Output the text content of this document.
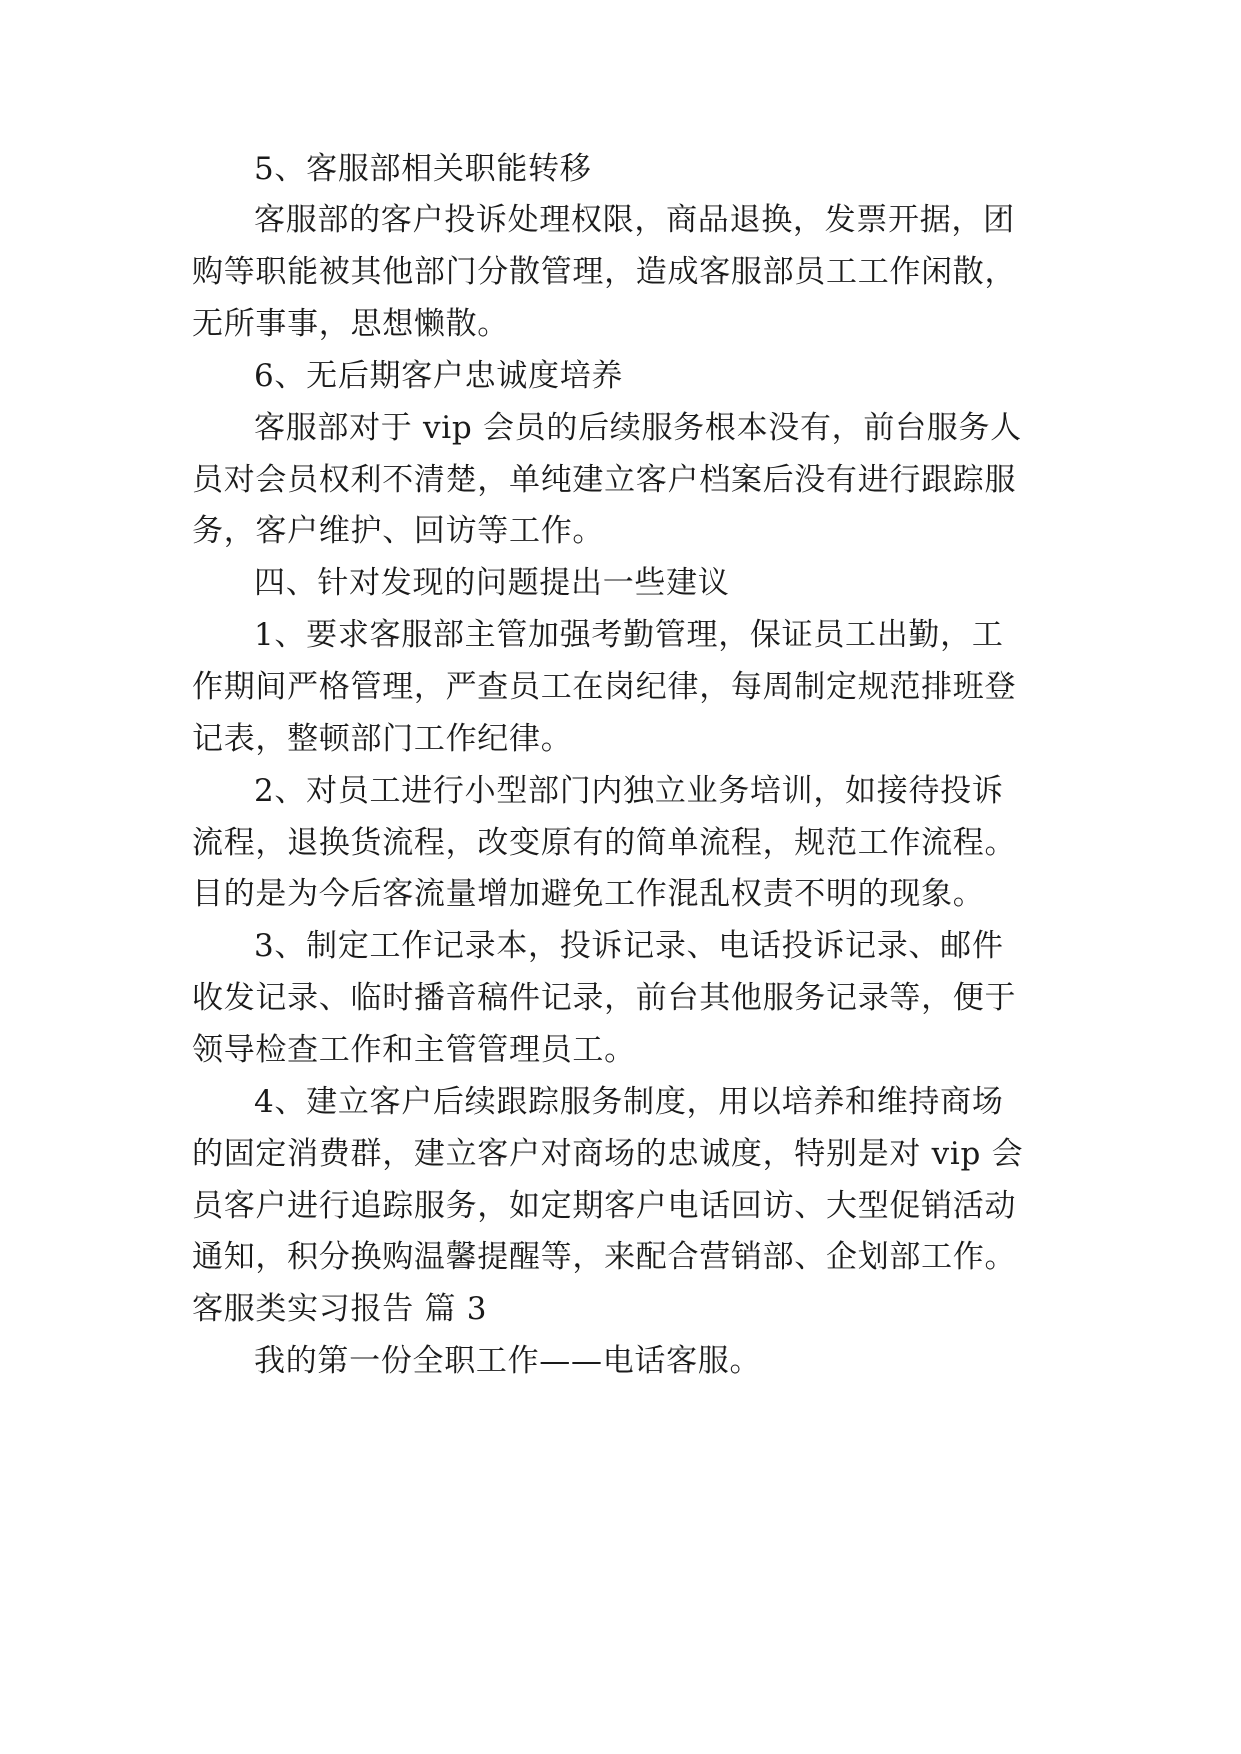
5、客服部相关职能转移
客服部的客户投诉处理权限，商品退换，发票开据，团
购等职能被其他部门分散管理，造成客服部员工工作闲散，
无所事事，思想懒散。
6、无后期客户忠诚度培养
客服部对于 vip 会员的后续服务根本没有，前台服务人
员对会员权利不清楚，单纯建立客户档案后没有进行跟踪服
务，客户维护、回访等工作。
四、针对发现的问题提出一些建议
1、要求客服部主管加强考勤管理，保证员工出勤，工
作期间严格管理，严查员工在岗纪律，每周制定规范排班登
记表，整顿部门工作纪律。
2、对员工进行小型部门内独立业务培训，如接待投诉
流程，退换货流程，改变原有的简单流程，规范工作流程。
目的是为今后客流量增加避免工作混乱权责不明的现象。
3、制定工作记录本，投诉记录、电话投诉记录、邮件
收发记录、临时播音稿件记录，前台其他服务记录等，便于
领导检查工作和主管管理员工。
4、建立客户后续跟踪服务制度，用以培养和维持商场
的固定消费群，建立客户对商场的忠诚度，特别是对 vip 会
员客户进行追踪服务，如定期客户电话回访、大型促销活动
通知，积分换购温馨提醒等，来配合营销部、企划部工作。
客服类实习报告 篇 3
我的第一份全职工作——电话客服。
